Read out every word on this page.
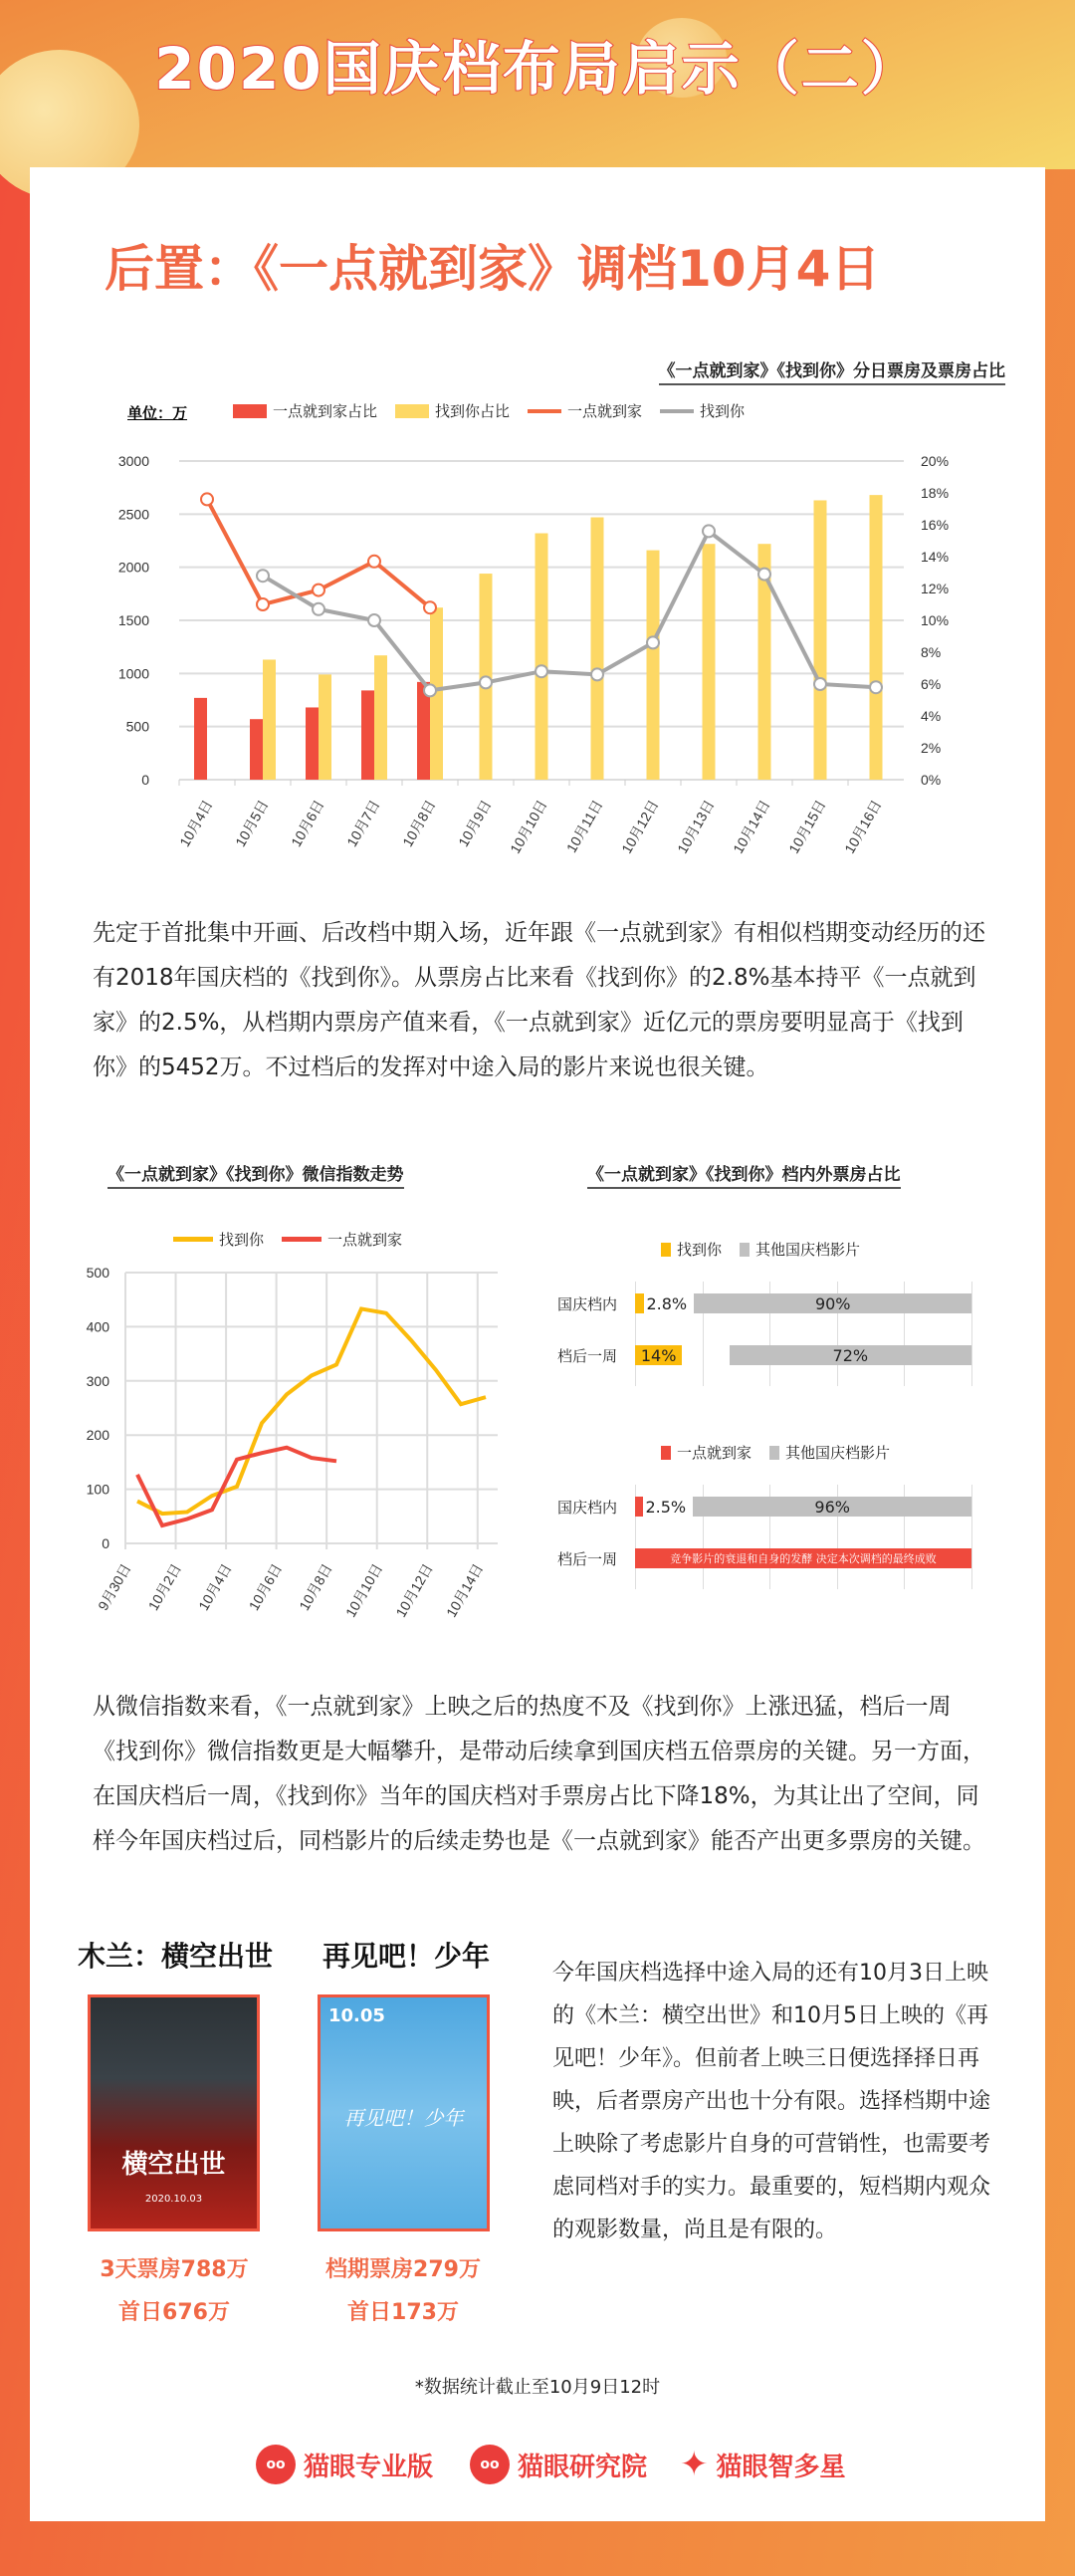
2020国庆档布局启示（二）
后置：《一点就到家》调档10月4日
《一点就到家》《找到你》分日票房及票房占比
单位：万	一点就到家占比	找到你占比	一点就到家	找到你
0
500
1000
1500
2000
2500
3000
0%
2%
4%
6%
8%
10%
12%
14%
16%
18%
20%
10月4日 10月5日 10月6日 10月7日 10月8日 10月9日 10月10日 10月11日 10月12日 10月13日 10月14日 10月15日 10月16日
先定于首批集中开画、后改档中期入场，近年跟《一点就到家》有相似档期变动经历的还有2018年国庆档的《找到你》。从票房占比来看《找到你》的2.8%基本持平《一点就到家》的2.5%，从档期内票房产值来看，《一点就到家》近亿元的票房要明显高于《找到你》的5452万。不过档后的发挥对中途入局的影片来说也很关键。
《一点就到家》《找到你》微信指数走势
找到你	一点就到家
0
100
200
300
400
500
9月30日 10月2日 10月4日 10月6日 10月8日 10月10日 10月12日 10月14日
《一点就到家》《找到你》档内外票房占比
找到你 其他国庆档影片
国庆档内 2.8%	90%
档后一周	14%	72%
一点就到家 其他国庆档影片
国庆档内 2.5%	96%
档后一周	竞争影片的衰退和自身的发酵 决定本次调档的最终成败
从微信指数来看，《一点就到家》上映之后的热度不及《找到你》上涨迅猛，档后一周《找到你》微信指数更是大幅攀升，是带动后续拿到国庆档五倍票房的关键。另一方面，在国庆档后一周，《找到你》当年的国庆档对手票房占比下降18%，为其让出了空间，同样今年国庆档过后，同档影片的后续走势也是《一点就到家》能否产出更多票房的关键。
木兰：横空出世 再见吧！少年
横空出世
2020.10.03
10.05
再见吧！少年
3天票房788万
首日676万
档期票房279万
首日173万
今年国庆档选择中途入局的还有10月3日上映的《木兰：横空出世》和10月5日上映的《再见吧！少年》。但前者上映三日便选择择日再映，后者票房产出也十分有限。选择档期中途上映除了考虑影片自身的可营销性，也需要考虑同档对手的实力。最重要的，短档期内观众的观影数量，尚且是有限的。
*数据统计截止至10月9日12时
oo 猫眼专业版	oo 猫眼研究院 ✦ 猫眼智多星
